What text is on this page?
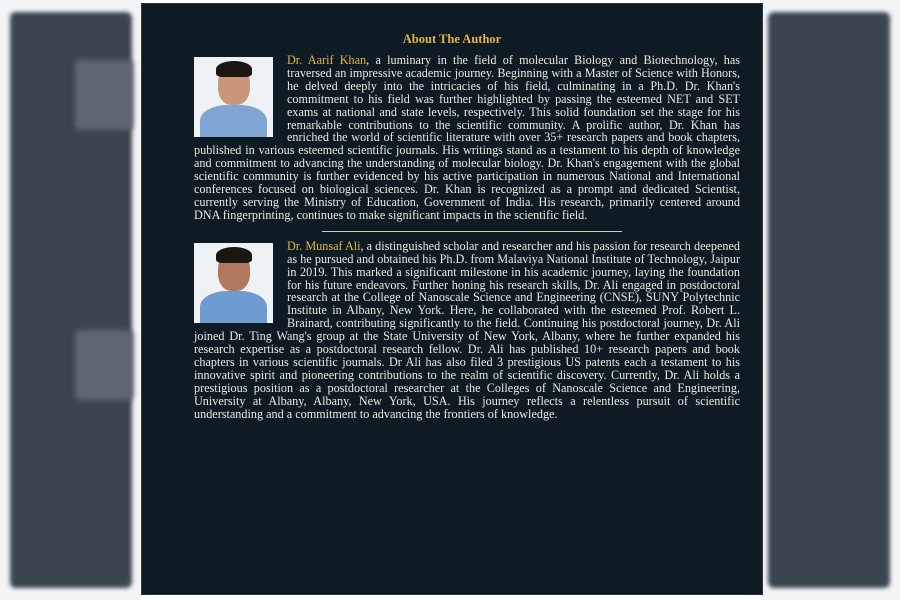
About The Author

Dr. Aarif Khan, a luminary in the field of molecular Biology and Biotechnology, has traversed an impressive academic journey. Beginning with a Master of Science with Honors, he delved deeply into the intricacies of his field, culminating in a Ph.D. Dr. Khan's commitment to his field was further highlighted by passing the esteemed NET and SET exams at national and state levels, respectively. This solid foundation set the stage for his remarkable contributions to the scientific community. A prolific author, Dr. Khan has enriched the world of scientific literature with over 35+ research papers and book chapters, published in various esteemed scientific journals. His writings stand as a testament to his depth of knowledge and commitment to advancing the understanding of molecular biology. Dr. Khan's engagement with the global scientific community is further evidenced by his active participation in numerous National and International conferences focused on biological sciences. Dr. Khan is recognized as a prompt and dedicated Scientist, currently serving the Ministry of Education, Government of India. His research, primarily centered around DNA fingerprinting, continues to make significant impacts in the scientific field.

Dr. Munsaf Ali, a distinguished scholar and researcher and his passion for research deepened as he pursued and obtained his Ph.D. from Malaviya National Institute of Technology, Jaipur in 2019. This marked a significant milestone in his academic journey, laying the foundation for his future endeavors. Further honing his research skills, Dr. Ali engaged in postdoctoral research at the College of Nanoscale Science and Engineering (CNSE), SUNY Polytechnic Institute in Albany, New York. Here, he collaborated with the esteemed Prof. Robert L. Brainard, contributing significantly to the field. Continuing his postdoctoral journey, Dr. Ali joined Dr. Ting Wang's group at the State University of New York, Albany, where he further expanded his research expertise as a postdoctoral research fellow. Dr. Ali has published 10+ research papers and book chapters in various scientific journals. Dr Ali has also filed 3 prestigious US patents each a testament to his innovative spirit and pioneering contributions to the realm of scientific discovery. Currently, Dr. Ali holds a prestigious position as a postdoctoral researcher at the Colleges of Nanoscale Science and Engineering, University at Albany, Albany, New York, USA. His journey reflects a relentless pursuit of scientific understanding and a commitment to advancing the frontiers of knowledge.
